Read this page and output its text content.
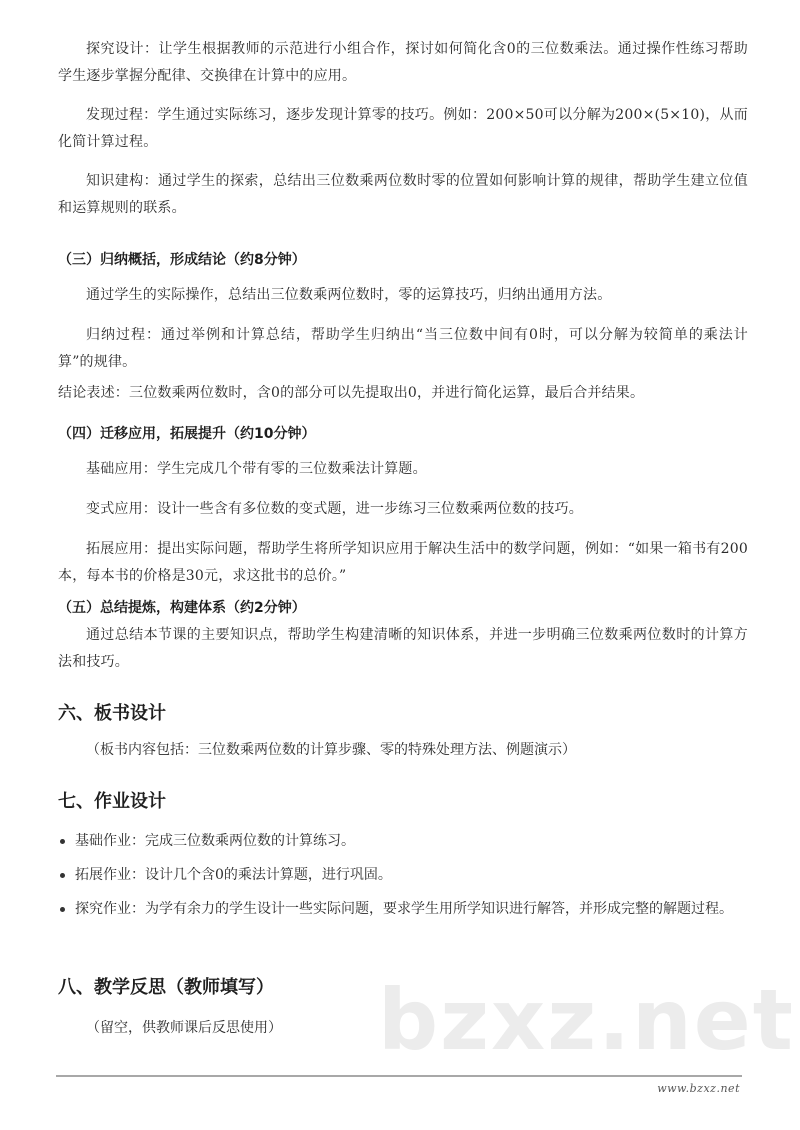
探究设计：让学生根据教师的示范进行小组合作，探讨如何简化含0的三位数乘法。通过操作性练习帮助学生逐步掌握分配律、交换律在计算中的应用。

发现过程：学生通过实际练习，逐步发现计算零的技巧。例如：200×50可以分解为200×(5×10)，从而化简计算过程。

知识建构：通过学生的探索，总结出三位数乘两位数时零的位置如何影响计算的规律，帮助学生建立位值和运算规则的联系。

（三）归纳概括，形成结论（约8分钟）

通过学生的实际操作，总结出三位数乘两位数时，零的运算技巧，归纳出通用方法。

归纳过程：通过举例和计算总结，帮助学生归纳出“当三位数中间有0时，可以分解为较简单的乘法计算”的规律。

结论表述：三位数乘两位数时，含0的部分可以先提取出0，并进行简化运算，最后合并结果。

（四）迁移应用，拓展提升（约10分钟）

基础应用：学生完成几个带有零的三位数乘法计算题。

变式应用：设计一些含有多位数的变式题，进一步练习三位数乘两位数的技巧。

拓展应用：提出实际问题，帮助学生将所学知识应用于解决生活中的数学问题，例如：“如果一箱书有200本，每本书的价格是30元，求这批书的总价。”

（五）总结提炼，构建体系（约2分钟）

通过总结本节课的主要知识点，帮助学生构建清晰的知识体系，并进一步明确三位数乘两位数时的计算方法和技巧。

六、板书设计
（板书内容包括：三位数乘两位数的计算步骤、零的特殊处理方法、例题演示）
七、作业设计
基础作业：完成三位数乘两位数的计算练习。
拓展作业：设计几个含0的乘法计算题，进行巩固。
探究作业：为学有余力的学生设计一些实际问题，要求学生用所学知识进行解答，并形成完整的解题过程。
八、教学反思（教师填写）
（留空，供教师课后反思使用）	bzxz.net
www.bzxz.net
